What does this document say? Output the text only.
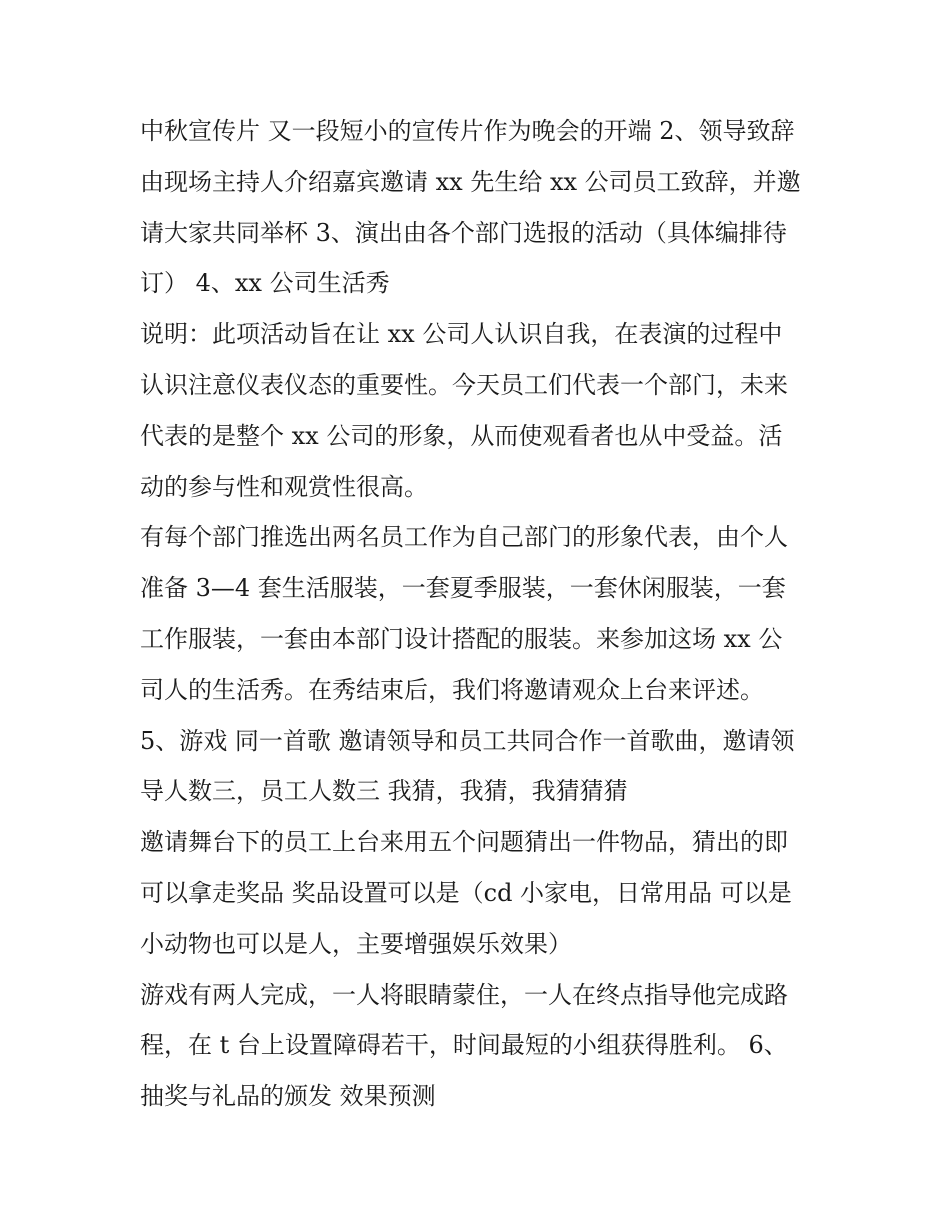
中秋宣传片 又一段短小的宣传片作为晚会的开端 2、领导致辞
由现场主持人介绍嘉宾邀请 xx 先生给 xx 公司员工致辞，并邀
请大家共同举杯 3、演出由各个部门选报的活动（具体编排待
订） 4、xx 公司生活秀
说明：此项活动旨在让 xx 公司人认识自我，在表演的过程中
认识注意仪表仪态的重要性。今天员工们代表一个部门，未来
代表的是整个 xx 公司的形象，从而使观看者也从中受益。活
动的参与性和观赏性很高。
有每个部门推选出两名员工作为自己部门的形象代表，由个人
准备 3—4 套生活服装，一套夏季服装，一套休闲服装，一套
工作服装，一套由本部门设计搭配的服装。来参加这场 xx 公
司人的生活秀。在秀结束后，我们将邀请观众上台来评述。
5、游戏 同一首歌 邀请领导和员工共同合作一首歌曲，邀请领
导人数三，员工人数三 我猜，我猜，我猜猜猜
邀请舞台下的员工上台来用五个问题猜出一件物品，猜出的即
可以拿走奖品 奖品设置可以是（cd 小家电，日常用品 可以是
小动物也可以是人，主要增强娱乐效果）
游戏有两人完成，一人将眼睛蒙住，一人在终点指导他完成路
程，在 t 台上设置障碍若干，时间最短的小组获得胜利。 6、
抽奖与礼品的颁发 效果预测
